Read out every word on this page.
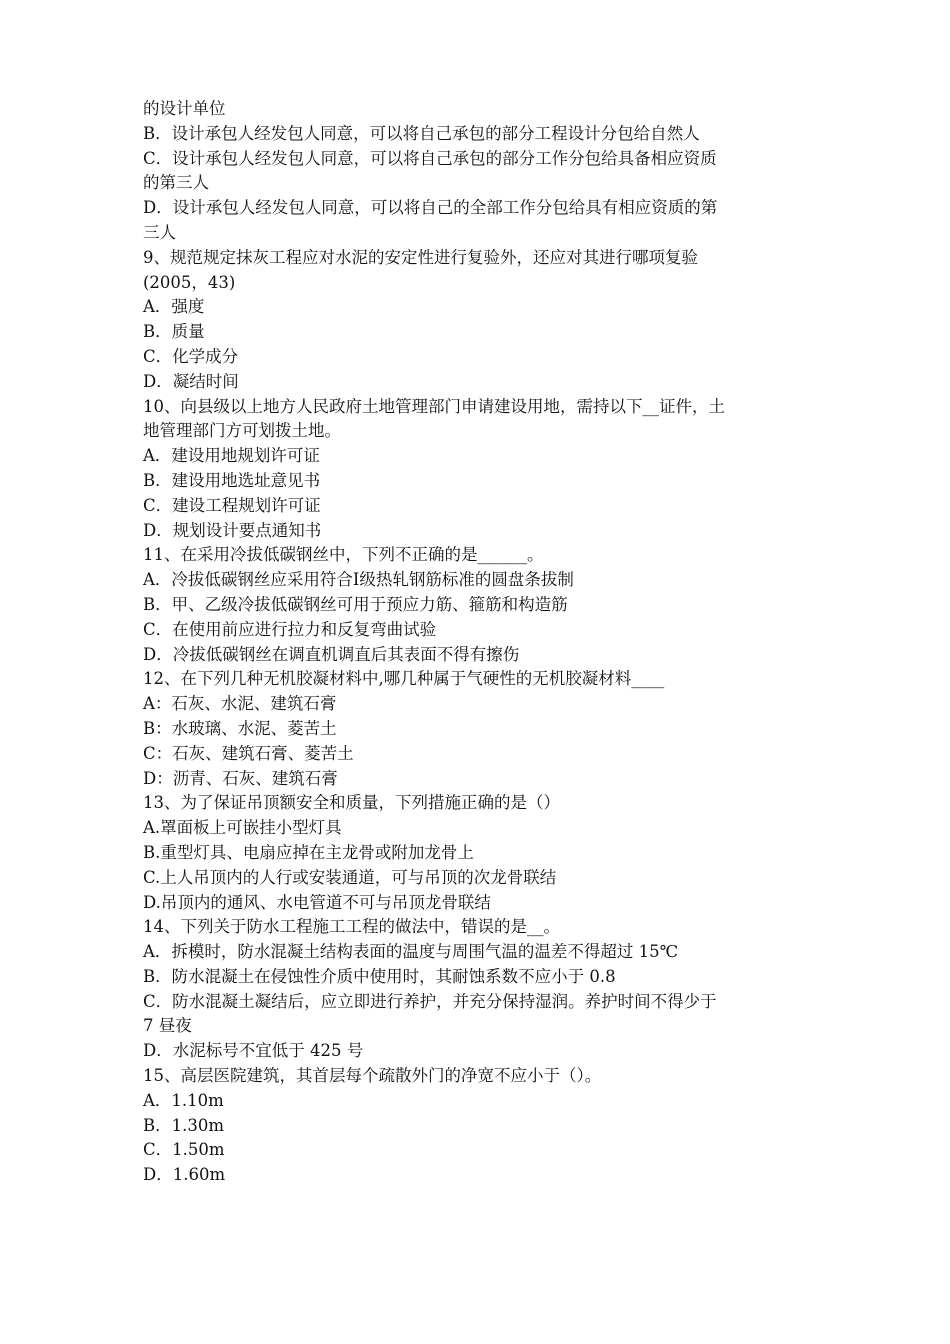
的设计单位
B．设计承包人经发包人同意，可以将自己承包的部分工程设计分包给自然人
C．设计承包人经发包人同意，可以将自己承包的部分工作分包给具备相应资质
的第三人
D．设计承包人经发包人同意，可以将自己的全部工作分包给具有相应资质的第
三人
9、规范规定抹灰工程应对水泥的安定性进行复验外，还应对其进行哪项复验
(2005，43)
A．强度
B．质量
C．化学成分
D．凝结时间
10、向县级以上地方人民政府土地管理部门申请建设用地，需持以下__证件，土
地管理部门方可划拨土地。
A．建设用地规划许可证
B．建设用地选址意见书
C．建设工程规划许可证
D．规划设计要点通知书
11、在采用冷拔低碳钢丝中，下列不正确的是______。
A．冷拔低碳钢丝应采用符合Ⅰ级热轧钢筋标准的圆盘条拔制
B．甲、乙级冷拔低碳钢丝可用于预应力筋、箍筋和构造筋
C．在使用前应进行拉力和反复弯曲试验
D．冷拔低碳钢丝在调直机调直后其表面不得有擦伤
12、在下列几种无机胶凝材料中,哪几种属于气硬性的无机胶凝材料____
A：石灰、水泥、建筑石膏
B：水玻璃、水泥、菱苦土
C：石灰、建筑石膏、菱苦土
D：沥青、石灰、建筑石膏
13、为了保证吊顶额安全和质量，下列措施正确的是（）
A.罩面板上可嵌挂小型灯具
B.重型灯具、电扇应掉在主龙骨或附加龙骨上
C.上人吊顶内的人行或安装通道，可与吊顶的次龙骨联结
D.吊顶内的通风、水电管道不可与吊顶龙骨联结
14、下列关于防水工程施工工程的做法中，错误的是__。
A．拆模时，防水混凝土结构表面的温度与周围气温的温差不得超过 15℃
B．防水混凝土在侵蚀性介质中使用时，其耐蚀系数不应小于 0.8
C．防水混凝土凝结后，应立即进行养护，并充分保持湿润。养护时间不得少于
7 昼夜
D．水泥标号不宜低于 425 号
15、高层医院建筑，其首层每个疏散外门的净宽不应小于（）。
A．1.10m
B．1.30m
C．1.50m
D．1.60m
